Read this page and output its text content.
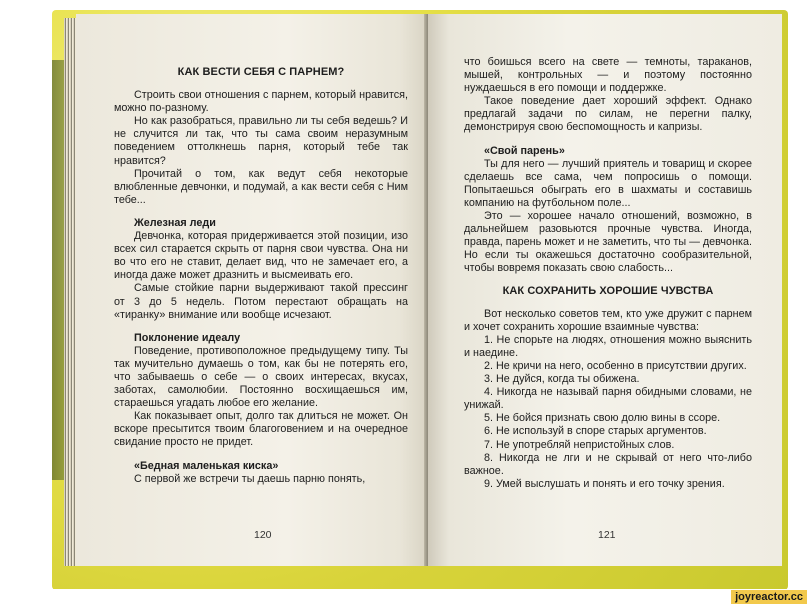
КАК ВЕСТИ СЕБЯ С ПАРНЕМ?

Строить свои отношения с парнем, который нравится, можно по-разному.

Но как разобраться, правильно ли ты себя ведешь? И не случится ли так, что ты сама своим неразумным поведением оттолкнешь парня, который тебе так нравится?

Прочитай о том, как ведут себя некоторые влюбленные девчонки, и подумай, а как вести себя с Ним тебе...

Железная леди

Девчонка, которая придерживается этой позиции, изо всех сил старается скрыть от парня свои чувства. Она ни во что его не ставит, делает вид, что не замечает его, а иногда даже может дразнить и высмеивать его.

Самые стойкие парни выдерживают такой прессинг от 3 до 5 недель. Потом перестают обращать на «тиранку» внимание или вообще исчезают.

Поклонение идеалу

Поведение, противоположное предыдущему типу. Ты так мучительно думаешь о том, как бы не потерять его, что забываешь о себе — о своих интересах, вкусах, заботах, самолюбии. Постоянно восхищаешься им, стараешься угадать любое его желание.

Как показывает опыт, долго так длиться не может. Он вскоре пресытится твоим благоговением и на очередное свидание просто не придет.

«Бедная маленькая киска»

С первой же встречи ты даешь парню понять,

120

что боишься всего на свете — темноты, тараканов, мышей, контрольных — и поэтому постоянно нуждаешься в его помощи и поддержке.

Такое поведение дает хороший эффект. Однако предлагай задачи по силам, не перегни палку, демонстрируя свою беспомощность и капризы.

«Свой парень»

Ты для него — лучший приятель и товарищ и скорее сделаешь все сама, чем попросишь о помощи. Попытаешься обыграть его в шахматы и составишь компанию на футбольном поле...

Это — хорошее начало отношений, возможно, в дальнейшем разовьются прочные чувства. Иногда, правда, парень может и не заметить, что ты — девчонка. Но если ты окажешься достаточно сообразительной, чтобы вовремя показать свою слабость...

КАК СОХРАНИТЬ ХОРОШИЕ ЧУВСТВА

Вот несколько советов тем, кто уже дружит с парнем и хочет сохранить хорошие взаимные чувства:

1. Не спорьте на людях, отношения можно выяснить и наедине.

2. Не кричи на него, особенно в присутствии других.

3. Не дуйся, когда ты обижена.

4. Никогда не называй парня обидными словами, не унижай.

5. Не бойся признать свою долю вины в ссоре.

6. Не используй в споре старых аргументов.

7. Не употребляй непристойных слов.

8. Никогда не лги и не скрывай от него что-либо важное.

9. Умей выслушать и понять и его точку зрения.

121
joyreactor.cc
